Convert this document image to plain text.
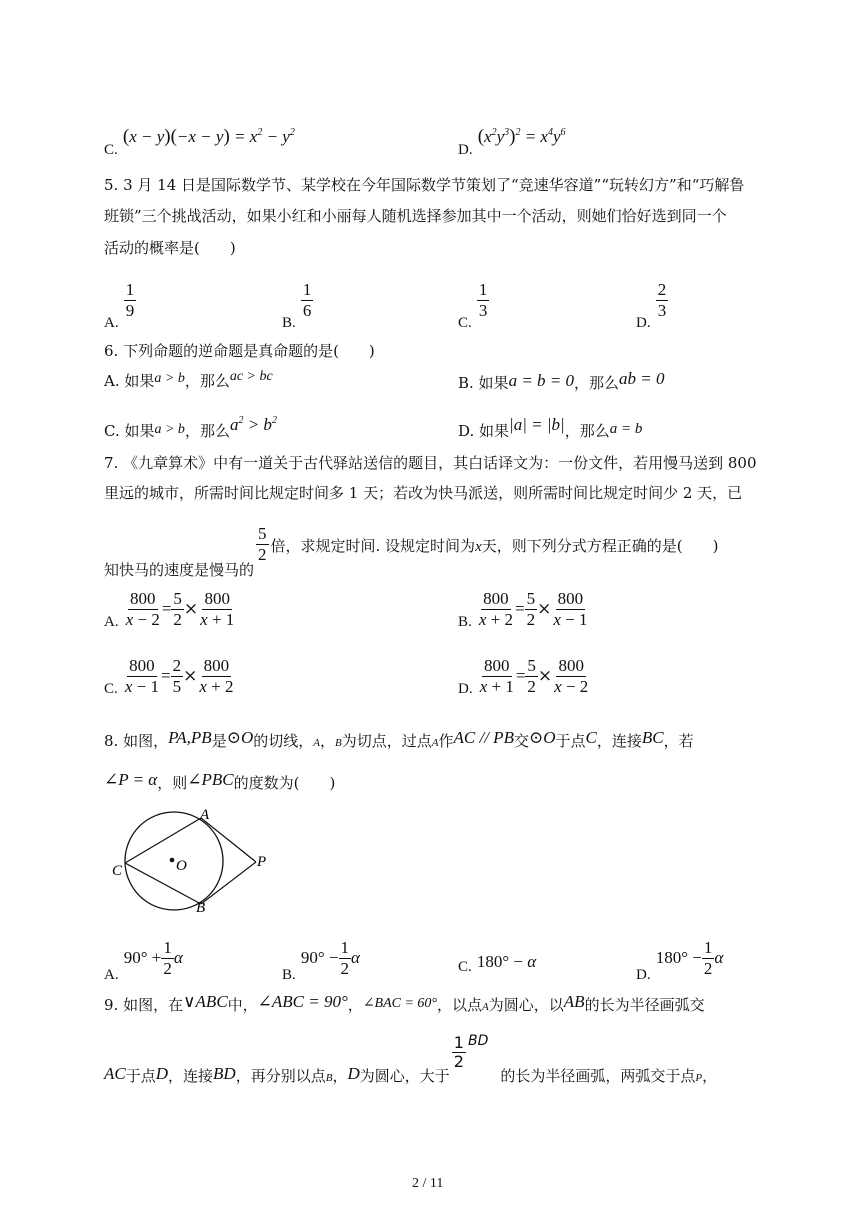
C. $(x - y)(-x - y) = x^2 - y^2$
D. $(x^2y^3)^2 = x^4y^6$
5. 3 月 14 日是国际数学节、某学校在今年国际数学节策划了“竞速华容道”“玩转幻方”和“巧解鲁
班锁”三个挑战活动，如果小红和小丽每人随机选择参加其中一个活动，则她们恰好选到同一个
活动的概率是(　　)
A.
$\frac{1}{9}$
B.
$\frac{1}{6}$
C.
$\frac{1}{3}$
D.
$\frac{2}{3}$
6. 下列命题的逆命题是真命题的是(　　)
A. 如果a > b，那么ac > bc	B. 如果a = b = 0，那么ab = 0
C. 如果a > b，那么$a^2 > b^2$
D. 如果|a| = |b|，那么a = b
7. 《九章算术》中有一道关于古代驿站送信的题目，其白话译文为：一份文件，若用慢马送到 800
里远的城市，所需时间比规定时间多 1 天；若改为快马派送，则所需时间比规定时间少 2 天，已
知快马的速度是慢马的
$\frac{5}{2}$ 倍，求规定时间. 设规定时间为x天，则下列分式方程正确的是(　　)
A. $\frac{800}{x - 2} = \frac{5}{2} \times \frac{800}{x + 1}$	B. $\frac{800}{x + 2} = \frac{5}{2} \times \frac{800}{x - 1}$
C. $\frac{800}{x - 1} = \frac{2}{5} \times \frac{800}{x + 2}$	D. $\frac{800}{x + 1} = \frac{5}{2} \times \frac{800}{x - 2}$
8. 如图，PA,PB是⊙O的切线，A，B为切点，过点A作AC // PB交⊙O于点C，连接BC，若
∠P = α，则∠PBC的度数为(　　)
A
B
C	O	P
A. $90^\circ + \frac{1}{2}$ α
B. $90^\circ - \frac{1}{2}$ α	C. 180° − α
D. $180^\circ - \frac{1}{2}$ α
9. 如图，在∨ABC中，∠ABC = 90°，∠BAC = 60°，以点A为圆心，以AB的长为半径画弧交
AC于点D，连接BD，再分别以点$_B$，D为圆心，大于
$\frac{1}{2}$ BD的长为半径画弧，两弧交于点$_P$，
2 / 11
